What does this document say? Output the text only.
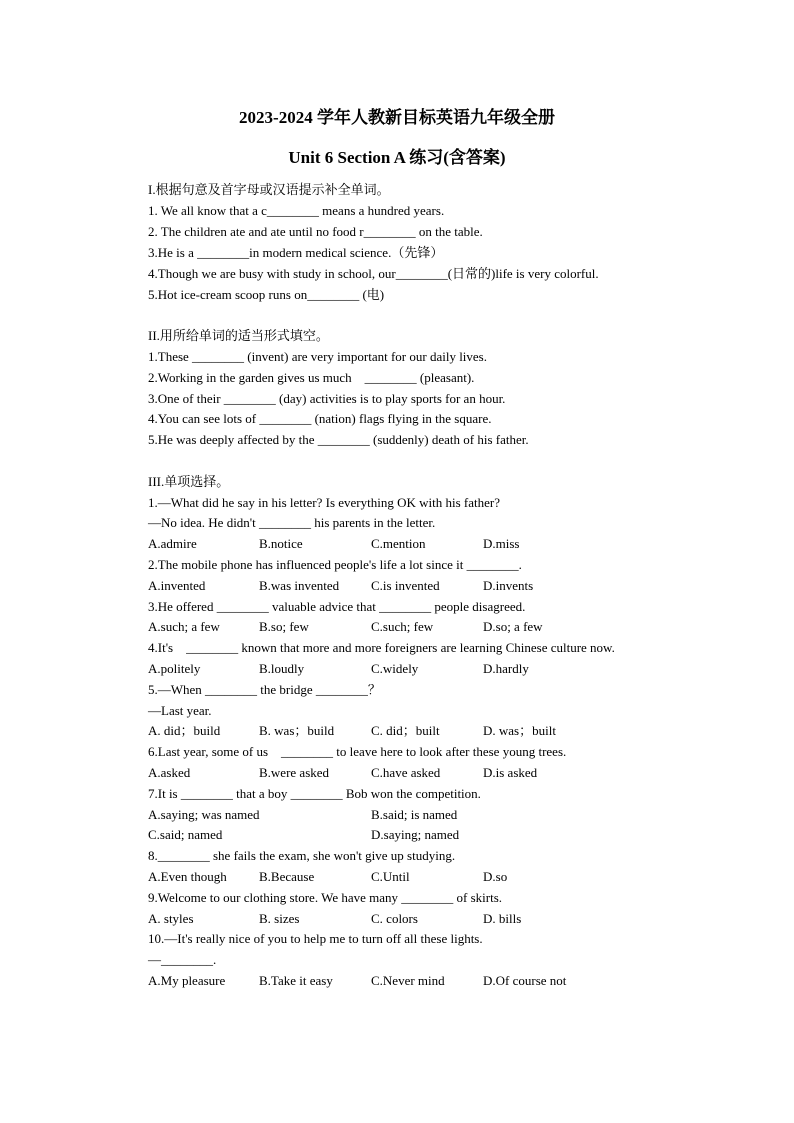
2023-2024 学年人教新目标英语九年级全册
Unit 6 Section A 练习(含答案)
I.根据句意及首字母或汉语提示补全单词。
1. We all know that a c________ means a hundred years.
2. The children ate and ate until no food r________ on the table.
3.He is a ________in modern medical science.（先锋）
4.Though we are busy with study in school, our________(日常的)life is very colorful.
5.Hot ice-cream scoop runs on________ (电)
II.用所给单词的适当形式填空。
1.These ________ (invent) are very important for our daily lives.
2.Working in the garden gives us much    ________ (pleasant).
3.One of their ________ (day) activities is to play sports for an hour.
4.You can see lots of ________ (nation) flags flying in the square.
5.He was deeply affected by the ________ (suddenly) death of his father.
III.单项选择。
1.—What did he say in his letter? Is everything OK with his father?
—No idea. He didn't ________ his parents in the letter.
A.admire	B.notice	C.mention	D.miss
2.The mobile phone has influenced people's life a lot since it ________.
A.invented	B.was invented C.is invented	D.invents
3.He offered ________ valuable advice that ________ people disagreed.
A.such; a few	B.so; few	C.such; few	D.so; a few
4.It's    ________ known that more and more foreigners are learning Chinese culture now.
A.politely	B.loudly	C.widely	D.hardly
5.—When ________ the bridge ________？
—Last year.
A. did；build	B. was；build	C. did；built	D. was；built
6.Last year, some of us    ________ to leave here to look after these young trees.
A.asked	B.were asked	C.have asked	D.is asked
7.It is ________ that a boy ________ Bob won the competition.
A.saying; was named	B.said; is named
C.said; named	D.saying; named
8.________ she fails the exam, she won't give up studying.
A.Even though B.Because	C.Until	D.so
9.Welcome to our clothing store. We have many ________ of skirts.
A. styles	B. sizes	C. colors	D. bills
10.—It's really nice of you to help me to turn off all these lights.
—________.
A.My pleasure	B.Take it easy	C.Never mind	D.Of course not
